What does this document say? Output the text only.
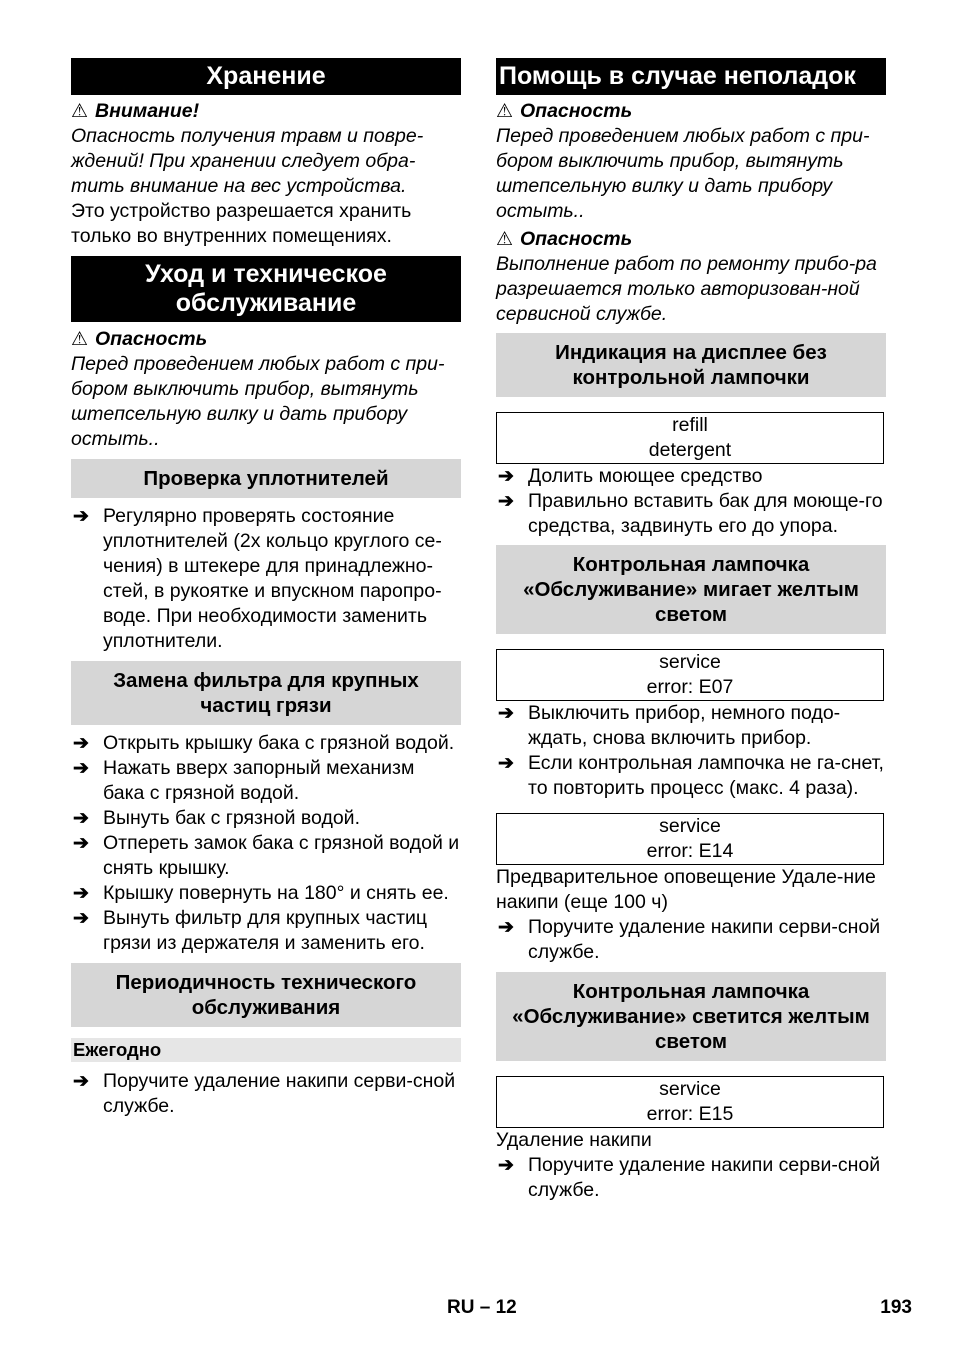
Хранение
⚠ Внимание!

Опасность получения травм и повре-ждений! При хранении следует обра-тить внимание на вес устройства.

Это устройство разрешается хранить только во внутренних помещениях.

Уход и техническое обслуживание
⚠ Опасность

Перед проведением любых работ с при-бором выключить прибор, вытянуть штепсельную вилку и дать прибору остыть..

Проверка уплотнителей
➔ Регулярно проверять состояние уплотнителей (2x кольцо круглого се-чения) в штекере для принадлежно-стей, в рукоятке и впускном паропро-воде. При необходимости заменить уплотнители.
Замена фильтра для крупных частиц грязи
➔ Открыть крышку бака с грязной водой.
➔ Нажать вверх запорный механизм бака с грязной водой.
➔ Вынуть бак с грязной водой.
➔ Отпереть замок бака с грязной водой и снять крышку.
➔ Крышку повернуть на 180° и снять ее.
➔ Вынуть фильтр для крупных частиц грязи из держателя и заменить его.
Периодичность технического обслуживания
Ежегодно
➔ Поручите удаление накипи серви-сной службе.
Помощь в случае неполадок
⚠ Опасность

Перед проведением любых работ с при-бором выключить прибор, вытянуть штепсельную вилку и дать прибору остыть..

⚠ Опасность

Выполнение работ по ремонту прибо-ра разрешается только авторизован-ной сервисной службе.

Индикация на дисплее без контрольной лампочки
refill
detergent
➔ Долить моющее средство
➔ Правильно вставить бак для моюще-го средства, задвинуть его до упора.
Контрольная лампочка «Обслуживание» мигает желтым светом
service
error: E07
➔ Выключить прибор, немного подо-ждать, снова включить прибор.
➔ Если контрольная лампочка не га-снет, то повторить процесс (макс. 4 раза).
service
error: E14

Предварительное оповещение Удале-ние накипи (еще 100 ч)

➔ Поручите удаление накипи серви-сной службе.
Контрольная лампочка «Обслуживание» светится желтым светом
service
error: E15

Удаление накипи

➔ Поручите удаление накипи серви-сной службе.
RU – 12	193
